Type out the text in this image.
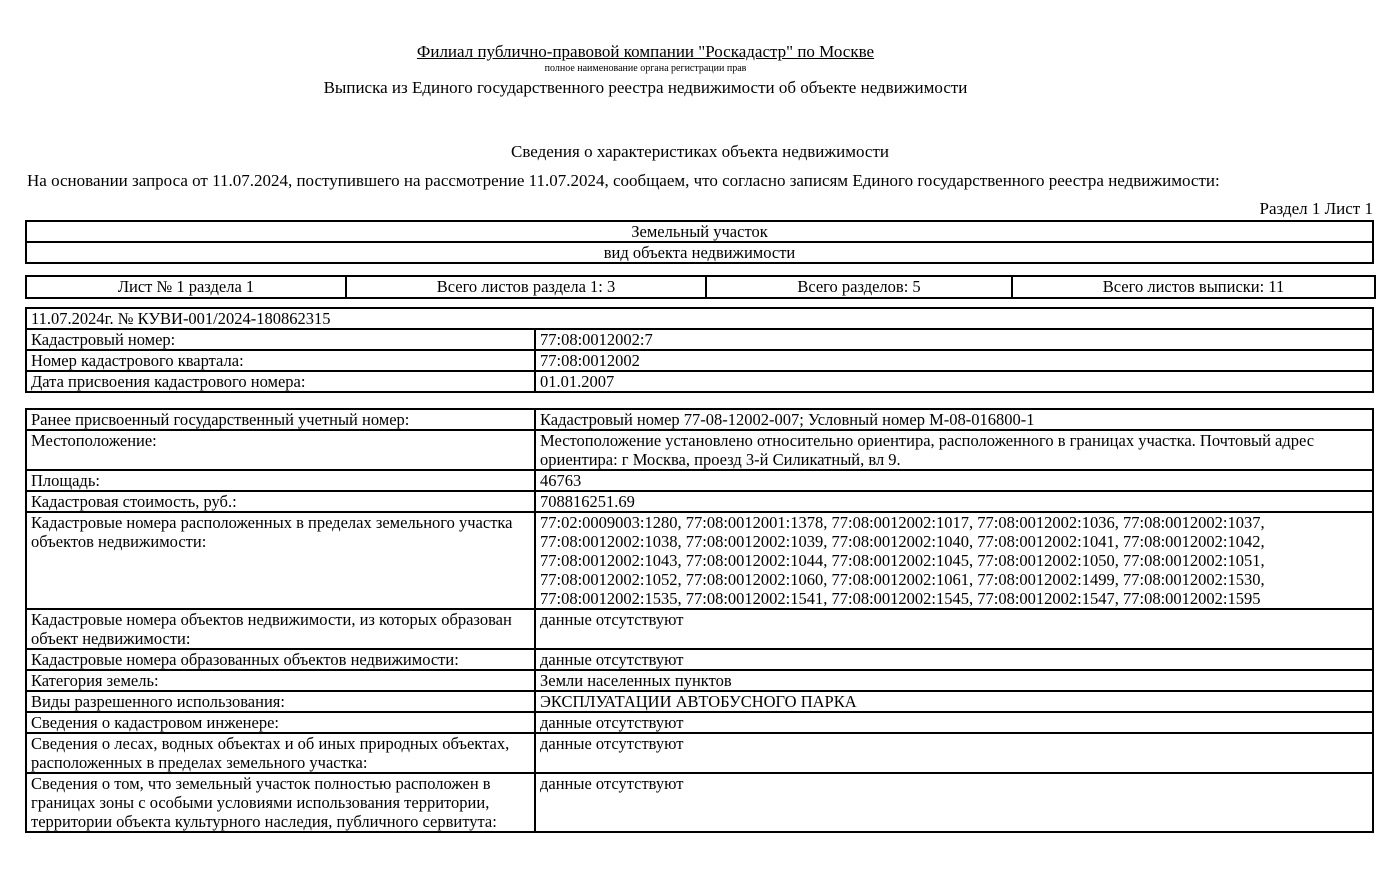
Филиал публично-правовой компании "Роскадастр" по Москве
полное наименование органа регистрации прав
Выписка из Единого государственного реестра недвижимости об объекте недвижимости
Сведения о характеристиках объекта недвижимости
На основании запроса от 11.07.2024, поступившего на рассмотрение 11.07.2024, сообщаем, что согласно записям Единого государственного реестра недвижимости:
Раздел 1 Лист 1
Земельный участок
вид объекта недвижимости
Лист № 1 раздела 1	Всего листов раздела 1: 3	Всего разделов: 5	Всего листов выписки: 11
11.07.2024г. № КУВИ-001/2024-180862315	
Кадастровый номер:	77:08:0012002:7
Номер кадастрового квартала:	77:08:0012002
Дата присвоения кадастрового номера:	01.01.2007
Ранее присвоенный государственный учетный номер:	Кадастровый номер 77-08-12002-007; Условный номер М-08-016800-1
Местоположение:	Местоположение установлено относительно ориентира, расположенного в границах участка. Почтовый адрес ориентира: г Москва, проезд 3-й Силикатный, вл 9.
Площадь:	46763
Кадастровая стоимость, руб.:	708816251.69
Кадастровые номера расположенных в пределах земельного участка объектов недвижимости:	77:02:0009003:1280, 77:08:0012001:1378, 77:08:0012002:1017, 77:08:0012002:1036, 77:08:0012002:1037, 77:08:0012002:1038, 77:08:0012002:1039, 77:08:0012002:1040, 77:08:0012002:1041, 77:08:0012002:1042, 77:08:0012002:1043, 77:08:0012002:1044, 77:08:0012002:1045, 77:08:0012002:1050, 77:08:0012002:1051, 77:08:0012002:1052, 77:08:0012002:1060, 77:08:0012002:1061, 77:08:0012002:1499, 77:08:0012002:1530, 77:08:0012002:1535, 77:08:0012002:1541, 77:08:0012002:1545, 77:08:0012002:1547, 77:08:0012002:1595
Кадастровые номера объектов недвижимости, из которых образован объект недвижимости:	данные отсутствуют
Кадастровые номера образованных объектов недвижимости:	данные отсутствуют
Категория земель:	Земли населенных пунктов
Виды разрешенного использования:	ЭКСПЛУАТАЦИИ АВТОБУСНОГО ПАРКА
Сведения о кадастровом инженере:	данные отсутствуют
Сведения о лесах, водных объектах и об иных природных объектах, расположенных в пределах земельного участка:	данные отсутствуют
Сведения о том, что земельный участок полностью расположен в границах зоны с особыми условиями использования территории, территории объекта культурного наследия, публичного сервитута:	данные отсутствуют
